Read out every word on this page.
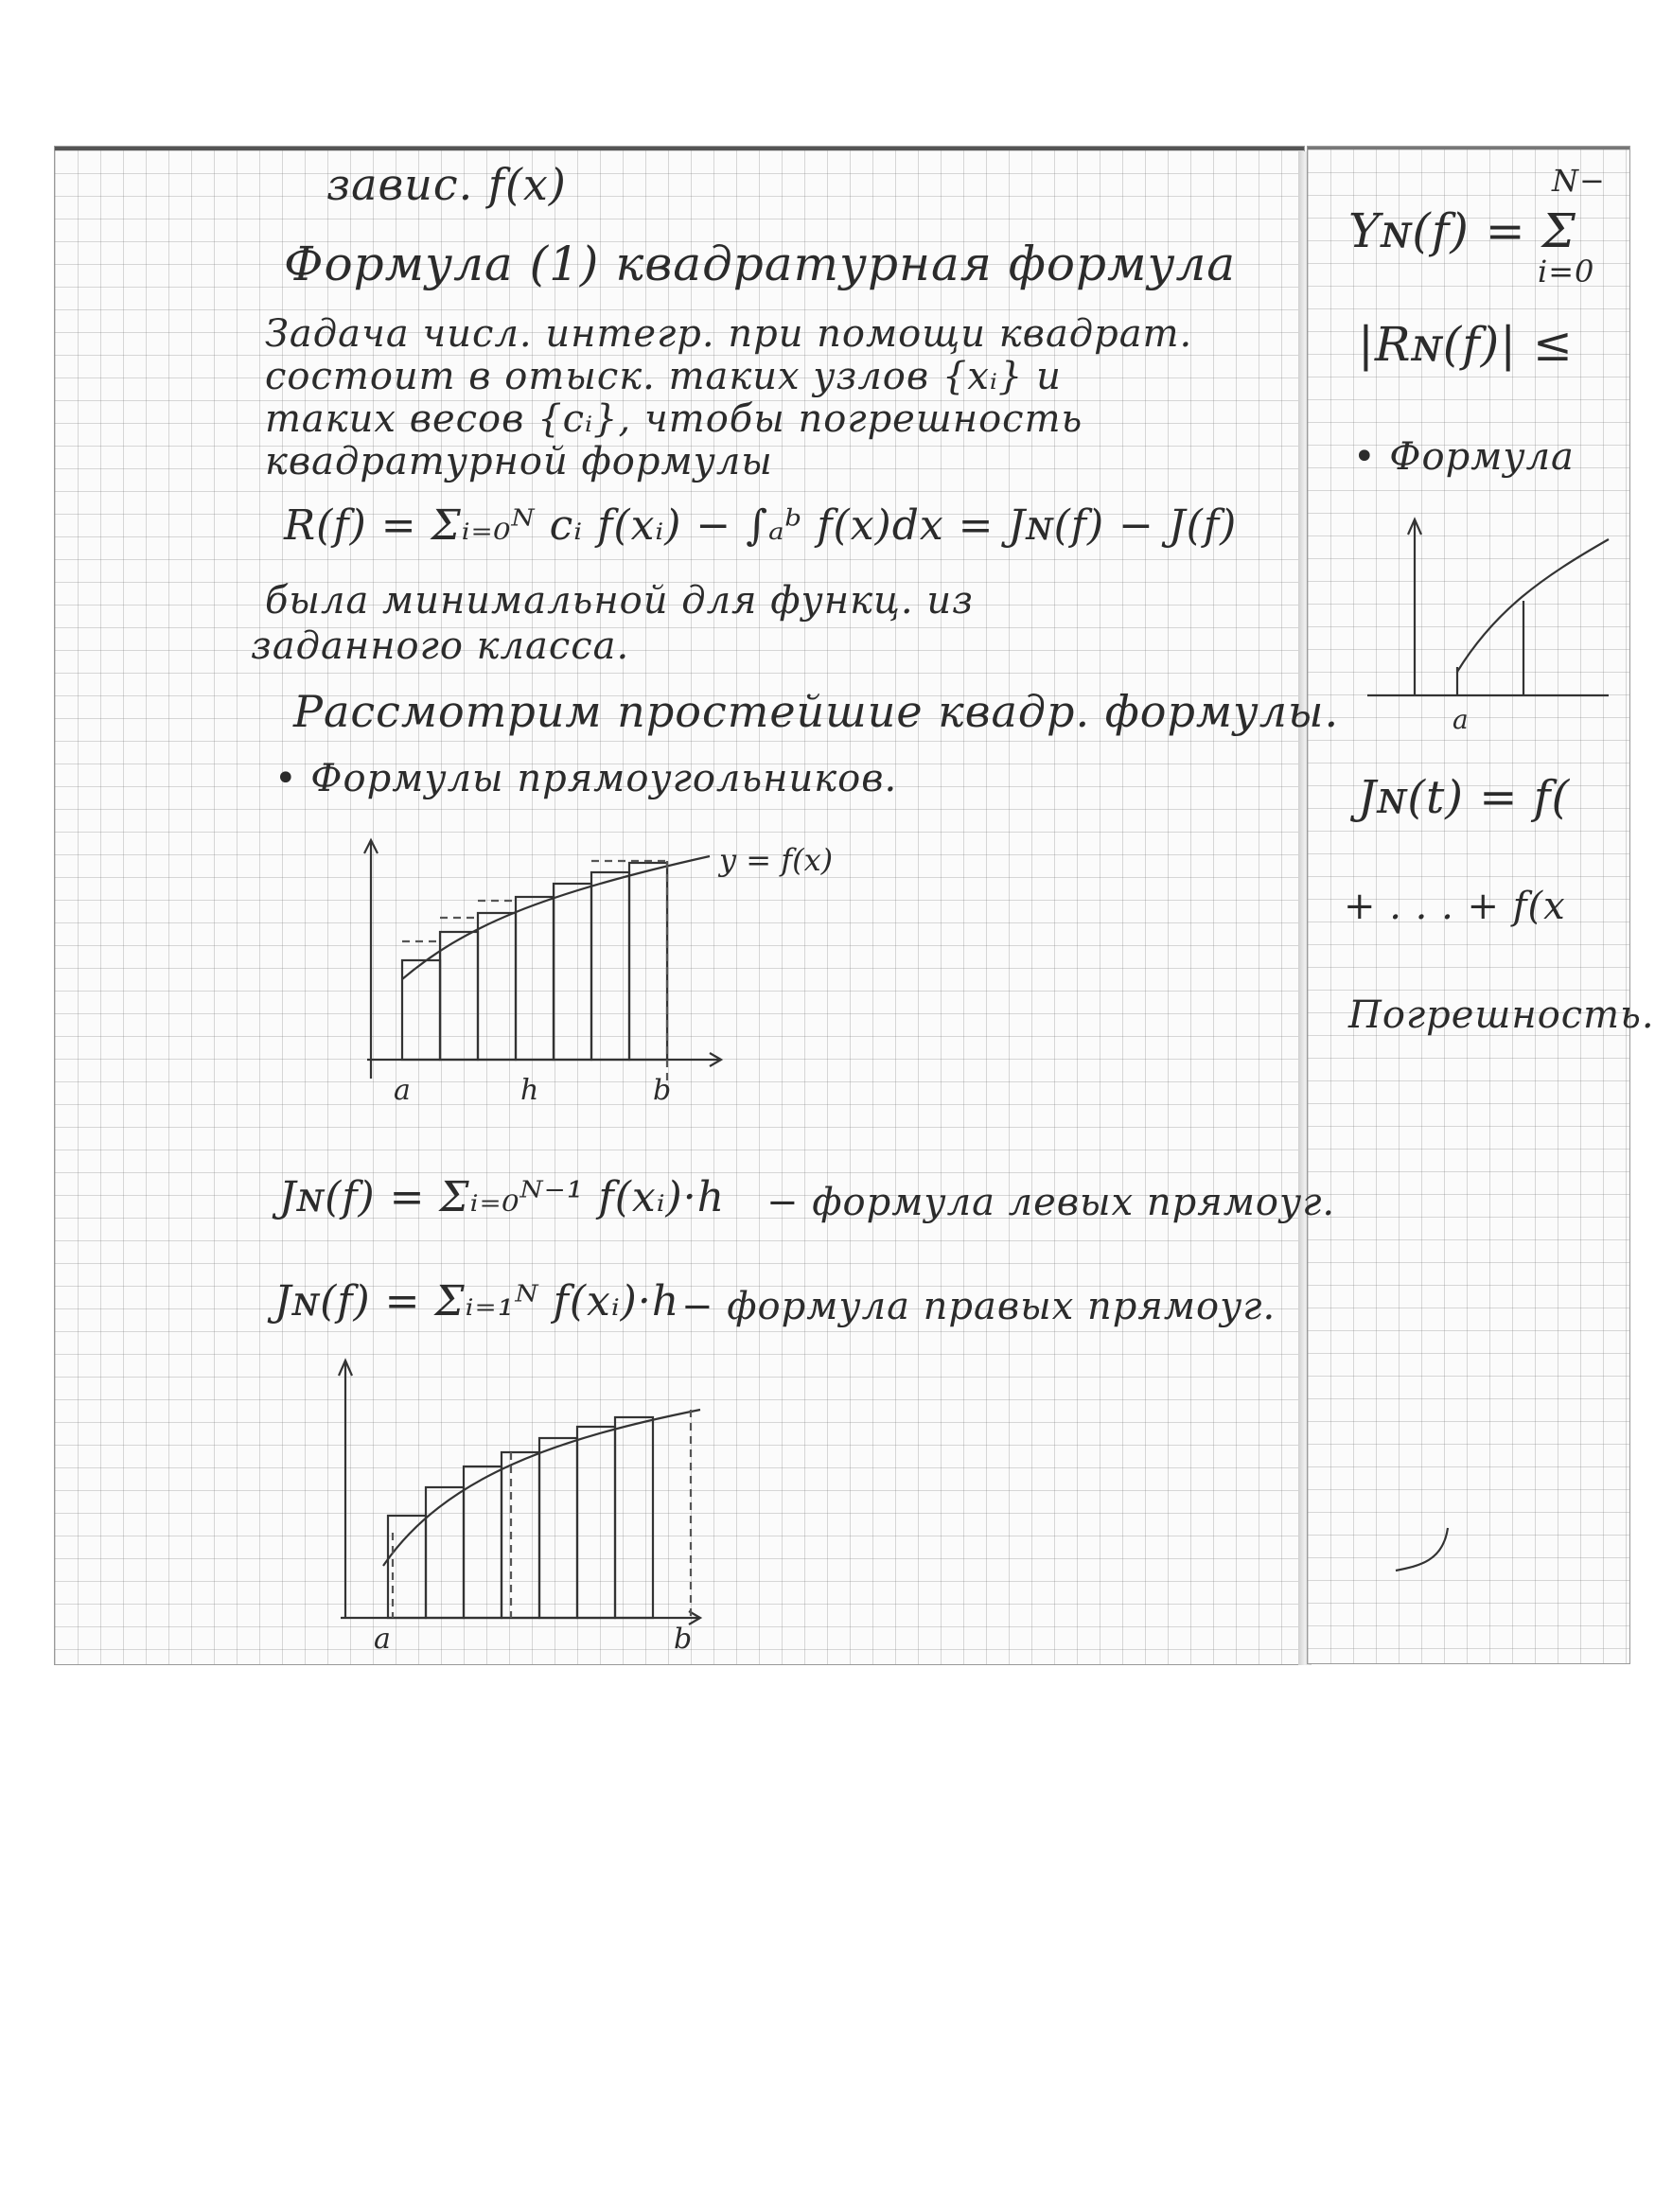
завис. f(x)
Формула (1) квадратурная формула
Задача числ. интегр. при помощи квадрат.
состоит в отыск. таких узлов {xᵢ} и
таких весов {cᵢ}, чтобы погрешность
квадратурной формулы
R(f) = Σᵢ₌₀ᴺ cᵢ f(xᵢ) − ∫ₐᵇ f(x)dx = Jɴ(f) − J(f)
была минимальной для функц. из
заданного класса.
Рассмотрим простейшие квадр. формулы.
• Формулы прямоугольников.
a	h	b
y = f(x)
Jɴ(f) = Σᵢ₌₀ᴺ⁻¹ f(xᵢ)·h − формула левых прямоуг.
Jɴ(f) = Σᵢ₌₁ᴺ f(xᵢ)·h − формула правых прямоуг.
a	b
Yɴ(f) = Σ
N−
i=0
|Rɴ(f)| ≤
• Формула
a
Jɴ(t) = f(
+ . . . + f(x
Погрешность.
